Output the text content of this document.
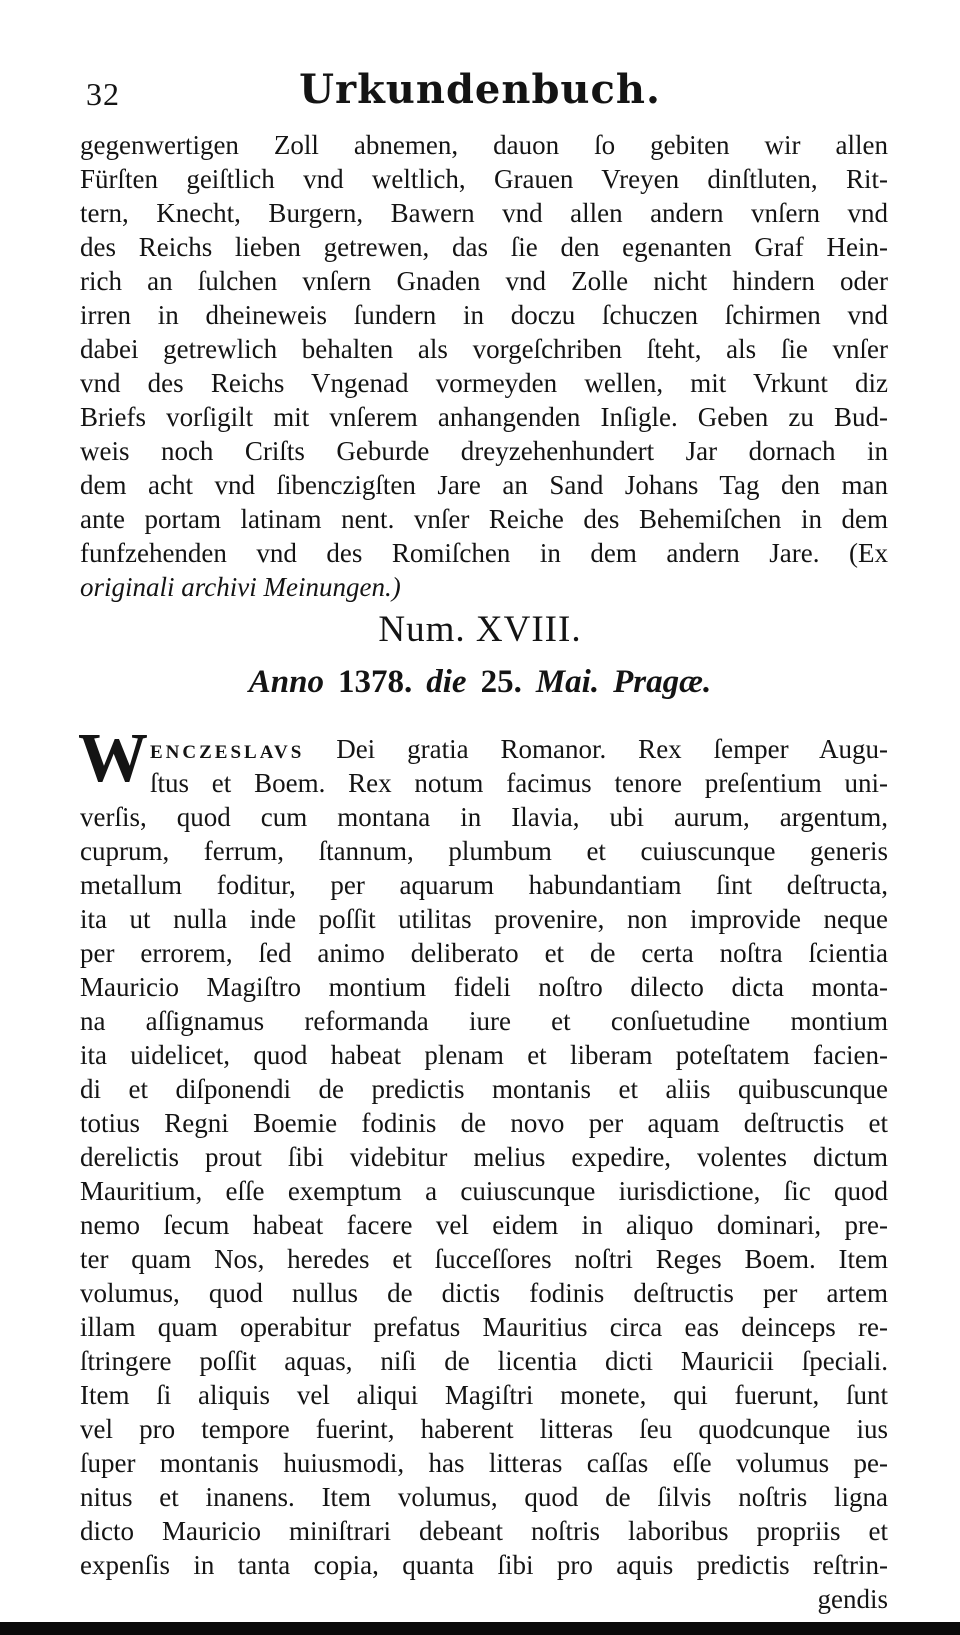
32	Urkundenbuch.
gegenwertigen Zoll abnemen, dauon ſo gebiten wir allen
Fürſten geiſtlich vnd weltlich, Grauen Vreyen dinſtluten, Rit-
tern, Knecht, Burgern, Bawern vnd allen andern vnſern vnd
des Reichs lieben getrewen, das ſie den egenanten Graf Hein-
rich an ſulchen vnſern Gnaden vnd Zolle nicht hindern oder
irren in dheineweis ſundern in doczu ſchuczen ſchirmen vnd
dabei getrewlich behalten als vorgeſchriben ſteht, als ſie vnſer
vnd des Reichs Vngenad vormeyden wellen, mit Vrkunt diz
Briefs vorſigilt mit vnſerem anhangenden Inſigle. Geben zu Bud-
weis noch Criſts Geburde dreyzehenhundert Jar dornach in
dem acht vnd ſibenczigſten Jare an Sand Johans Tag den man
ante portam latinam nent. vnſer Reiche des Behemiſchen in dem
funfzehenden vnd des Romiſchen in dem andern Jare. (Ex
originali archivi Meinungen.)
Num. XVIII.
Anno 1378. die 25. Mai. Pragæ.
W ENCZESLAVS Dei gratia Romanor. Rex ſemper Augu-
ſtus et Boem. Rex notum facimus tenore preſentium uni-
verſis, quod cum montana in Ilavia, ubi aurum, argentum,
cuprum, ferrum, ſtannum, plumbum et cuiuscunque generis
metallum foditur, per aquarum habundantiam ſint deſtructa,
ita ut nulla inde poſſit utilitas provenire, non improvide neque
per errorem, ſed animo deliberato et de certa noſtra ſcientia
Mauricio Magiſtro montium fideli noſtro dilecto dicta monta-
na aſſignamus reformanda iure et conſuetudine montium
ita uidelicet, quod habeat plenam et liberam poteſtatem facien-
di et diſponendi de predictis montanis et aliis quibuscunque
totius Regni Boemie fodinis de novo per aquam deſtructis et
derelictis prout ſibi videbitur melius expedire, volentes dictum
Mauritium, eſſe exemptum a cuiuscunque iurisdictione, ſic quod
nemo ſecum habeat facere vel eidem in aliquo dominari, pre-
ter quam Nos, heredes et ſucceſſores noſtri Reges Boem. Item
volumus, quod nullus de dictis fodinis deſtructis per artem
illam quam operabitur prefatus Mauritius circa eas deinceps re-
ſtringere poſſit aquas, niſi de licentia dicti Mauricii ſpeciali.
Item ſi aliquis vel aliqui Magiſtri monete, qui fuerunt, ſunt
vel pro tempore fuerint, haberent litteras ſeu quodcunque ius
ſuper montanis huiusmodi, has litteras caſſas eſſe volumus pe-
nitus et inanens. Item volumus, quod de ſilvis noſtris ligna
dicto Mauricio miniſtrari debeant noſtris laboribus propriis et
expenſis in tanta copia, quanta ſibi pro aquis predictis reſtrin-
gendis
